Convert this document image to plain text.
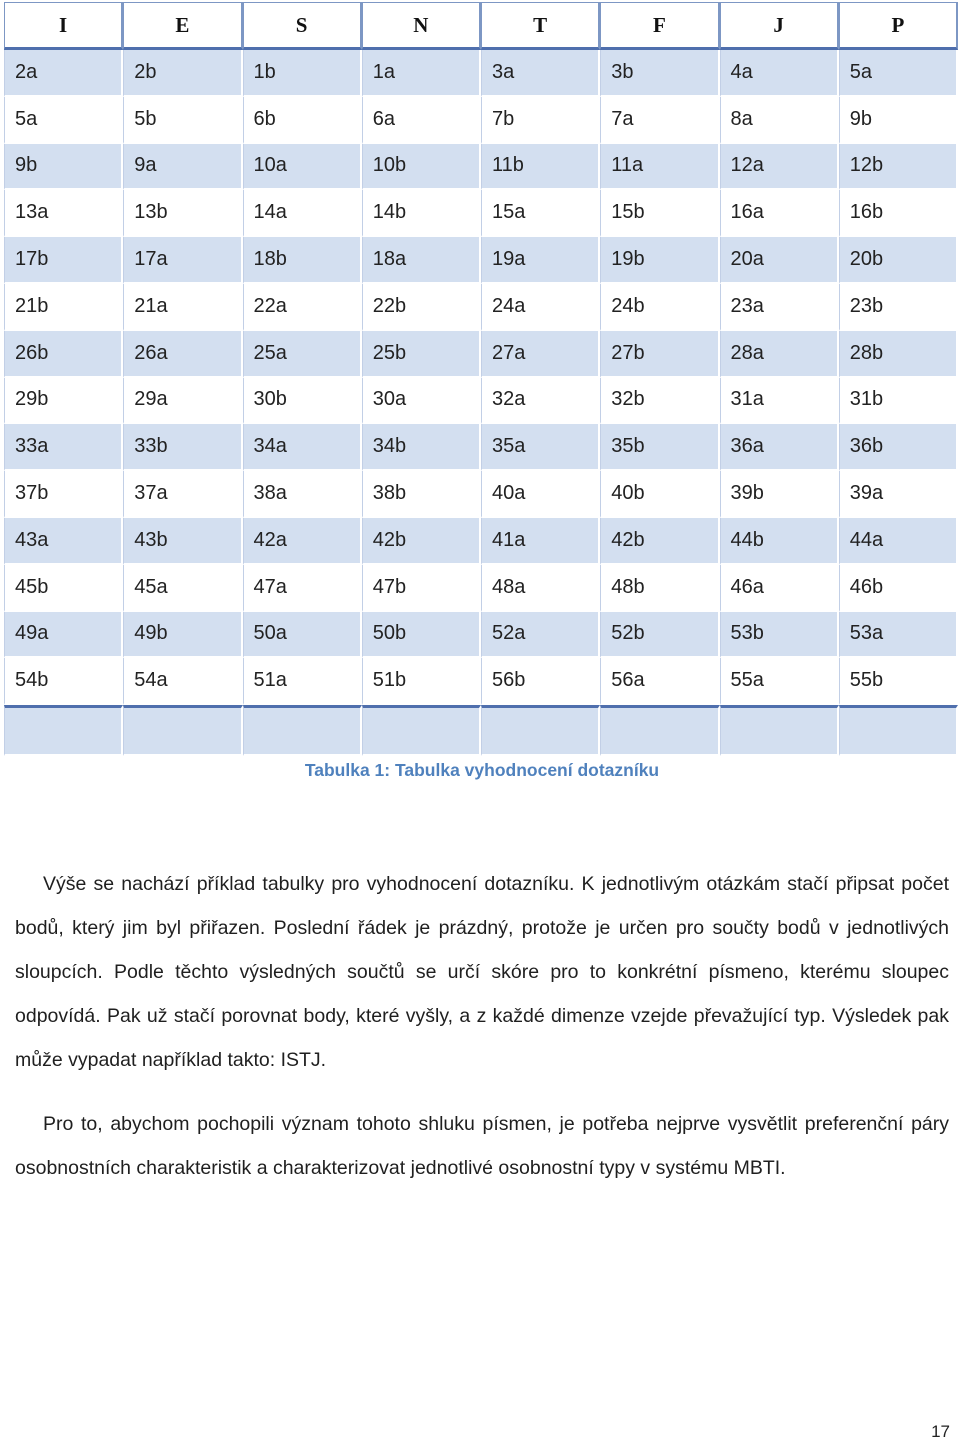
I	E	S	N	T	F	J	P
2a	2b	1b	1a	3a	3b	4a	5a
5a	5b	6b	6a	7b	7a	8a	9b
9b	9a	10a	10b	11b	11a	12a	12b
13a	13b	14a	14b	15a	15b	16a	16b
17b	17a	18b	18a	19a	19b	20a	20b
21b	21a	22a	22b	24a	24b	23a	23b
26b	26a	25a	25b	27a	27b	28a	28b
29b	29a	30b	30a	32a	32b	31a	31b
33a	33b	34a	34b	35a	35b	36a	36b
37b	37a	38a	38b	40a	40b	39b	39a
43a	43b	42a	42b	41a	42b	44b	44a
45b	45a	47a	47b	48a	48b	46a	46b
49a	49b	50a	50b	52a	52b	53b	53a
54b	54a	51a	51b	56b	56a	55a	55b

Tabulka 1: Tabulka vyhodnocení dotazníku
Výše se nachází příklad tabulky pro vyhodnocení dotazníku. K jednotlivým otázkám stačí připsat počet bodů, který jim byl přiřazen. Poslední řádek je prázdný, protože je určen pro součty bodů v jednotlivých sloupcích. Podle těchto výsledných součtů se určí skóre pro to konkrétní písmeno, kterému sloupec odpovídá. Pak už stačí porovnat body, které vyšly, a z každé dimenze vzejde převažující typ. Výsledek pak může vypadat například takto: ISTJ.
Pro to, abychom pochopili význam tohoto shluku písmen, je potřeba nejprve vysvětlit preferenční páry osobnostních charakteristik a charakterizovat jednotlivé osobnostní typy v systému MBTI.
17
